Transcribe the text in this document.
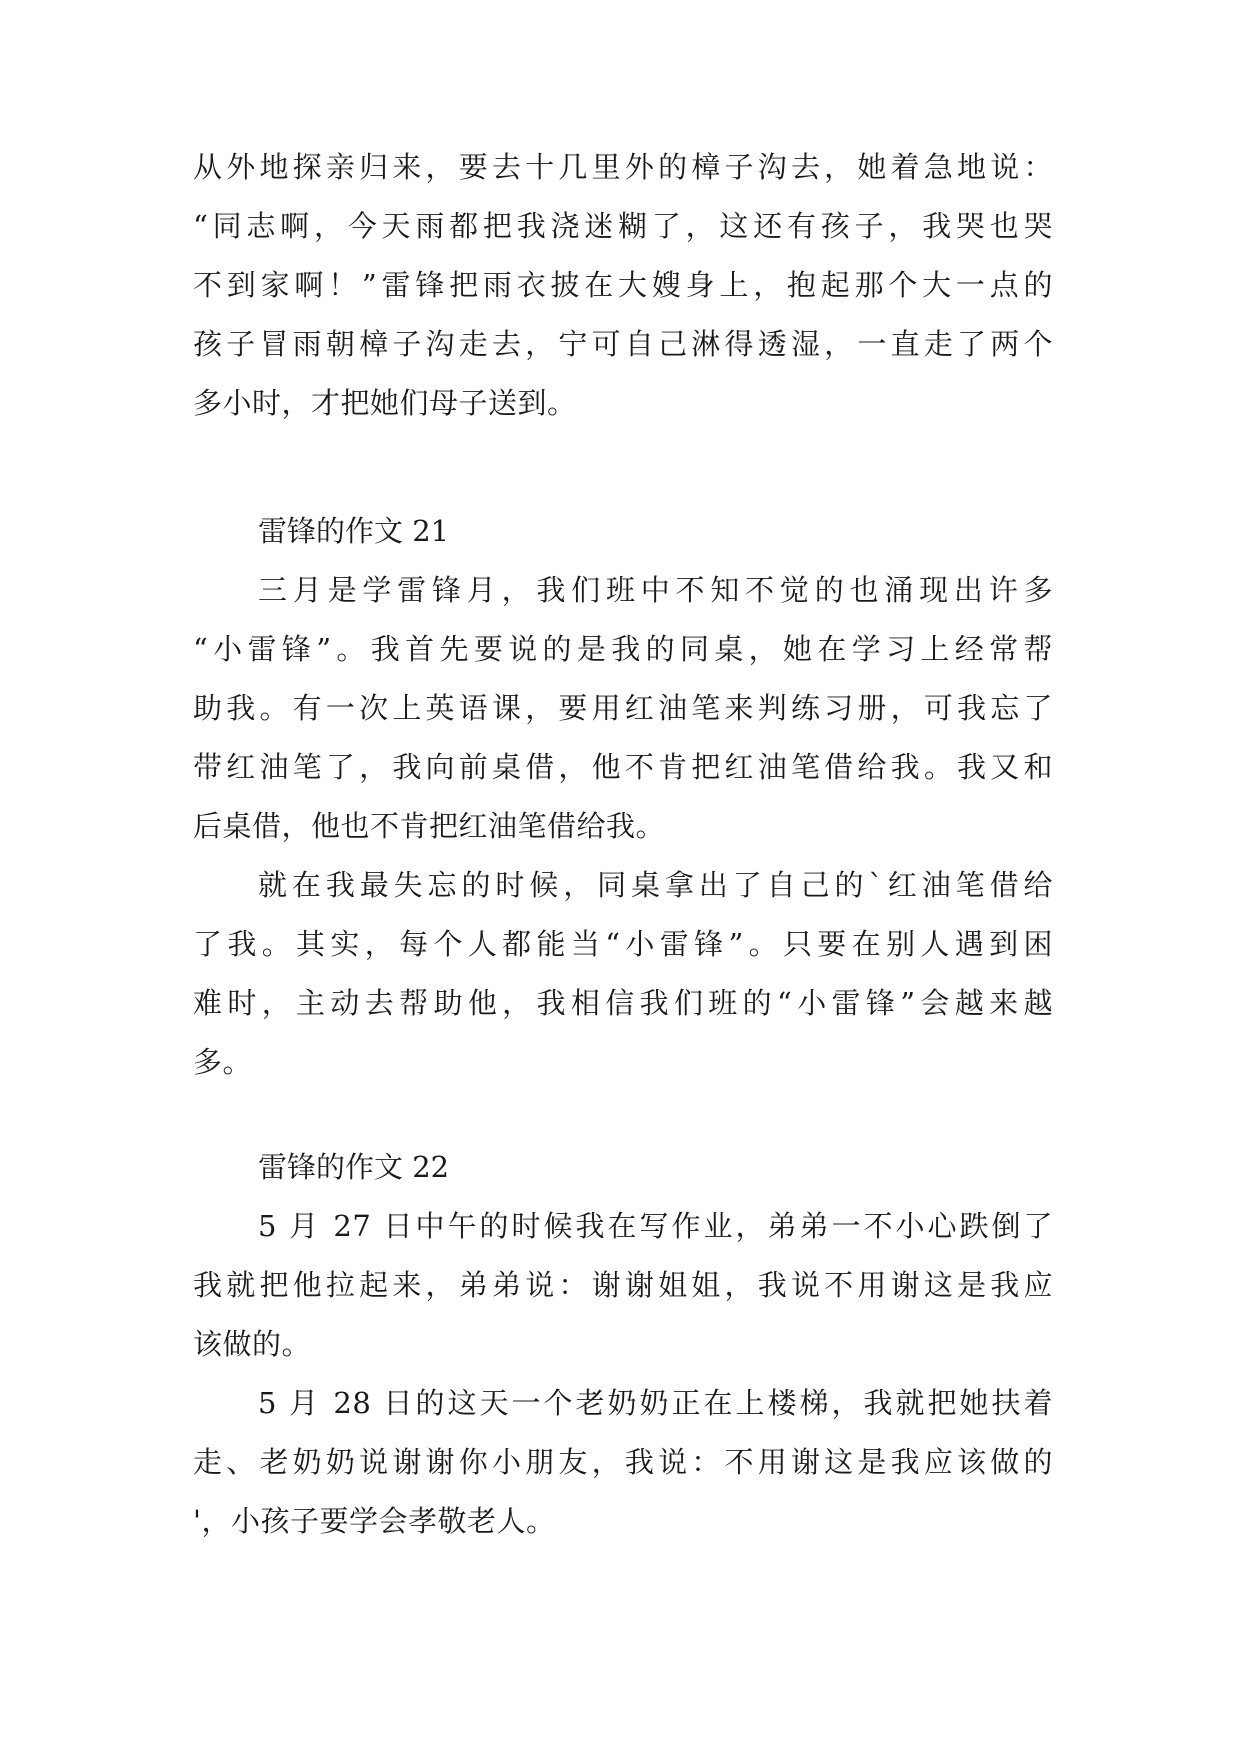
从外地探亲归来，要去十几里外的樟子沟去，她着急地说：
“同志啊，今天雨都把我浇迷糊了，这还有孩子，我哭也哭
不到家啊！”雷锋把雨衣披在大嫂身上，抱起那个大一点的
孩子冒雨朝樟子沟走去，宁可自己淋得透湿，一直走了两个
多小时，才把她们母子送到。
雷锋的作文 21
三月是学雷锋月，我们班中不知不觉的也涌现出许多
“小雷锋”。我首先要说的是我的同桌，她在学习上经常帮
助我。有一次上英语课，要用红油笔来判练习册，可我忘了
带红油笔了，我向前桌借，他不肯把红油笔借给我。我又和
后桌借，他也不肯把红油笔借给我。
就在我最失忘的时候，同桌拿出了自己的`红油笔借给
了我。其实，每个人都能当“小雷锋”。只要在别人遇到困
难时，主动去帮助他，我相信我们班的“小雷锋”会越来越
多。
雷锋的作文 22
5 月 27 日中午的时候我在写作业，弟弟一不小心跌倒了
我就把他拉起来，弟弟说：谢谢姐姐，我说不用谢这是我应
该做的。
5 月 28 日的这天一个老奶奶正在上楼梯，我就把她扶着
走、老奶奶说谢谢你小朋友，我说：不用谢这是我应该做的
'，小孩子要学会孝敬老人。
